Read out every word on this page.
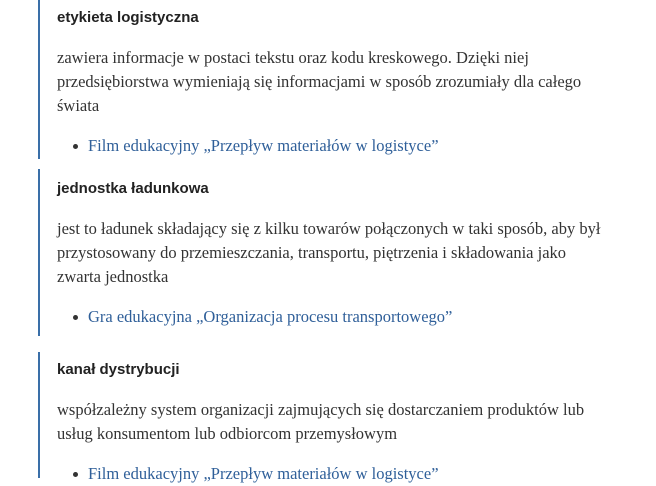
etykieta logistyczna

zawiera informacje w postaci tekstu oraz kodu kreskowego. Dzięki niej
przedsiębiorstwa wymieniają się informacjami w sposób zrozumiały dla całego
świata

Film edukacyjny „Przepływ materiałów w logistyce”

jednostka ładunkowa

jest to ładunek składający się z kilku towarów połączonych w taki sposób, aby był
przystosowany do przemieszczania, transportu, piętrzenia i składowania jako
zwarta jednostka

Gra edukacyjna „Organizacja procesu transportowego”

kanał dystrybucji

współzależny system organizacji zajmujących się dostarczaniem produktów lub
usług konsumentom lub odbiorcom przemysłowym

Film edukacyjny „Przepływ materiałów w logistyce”
